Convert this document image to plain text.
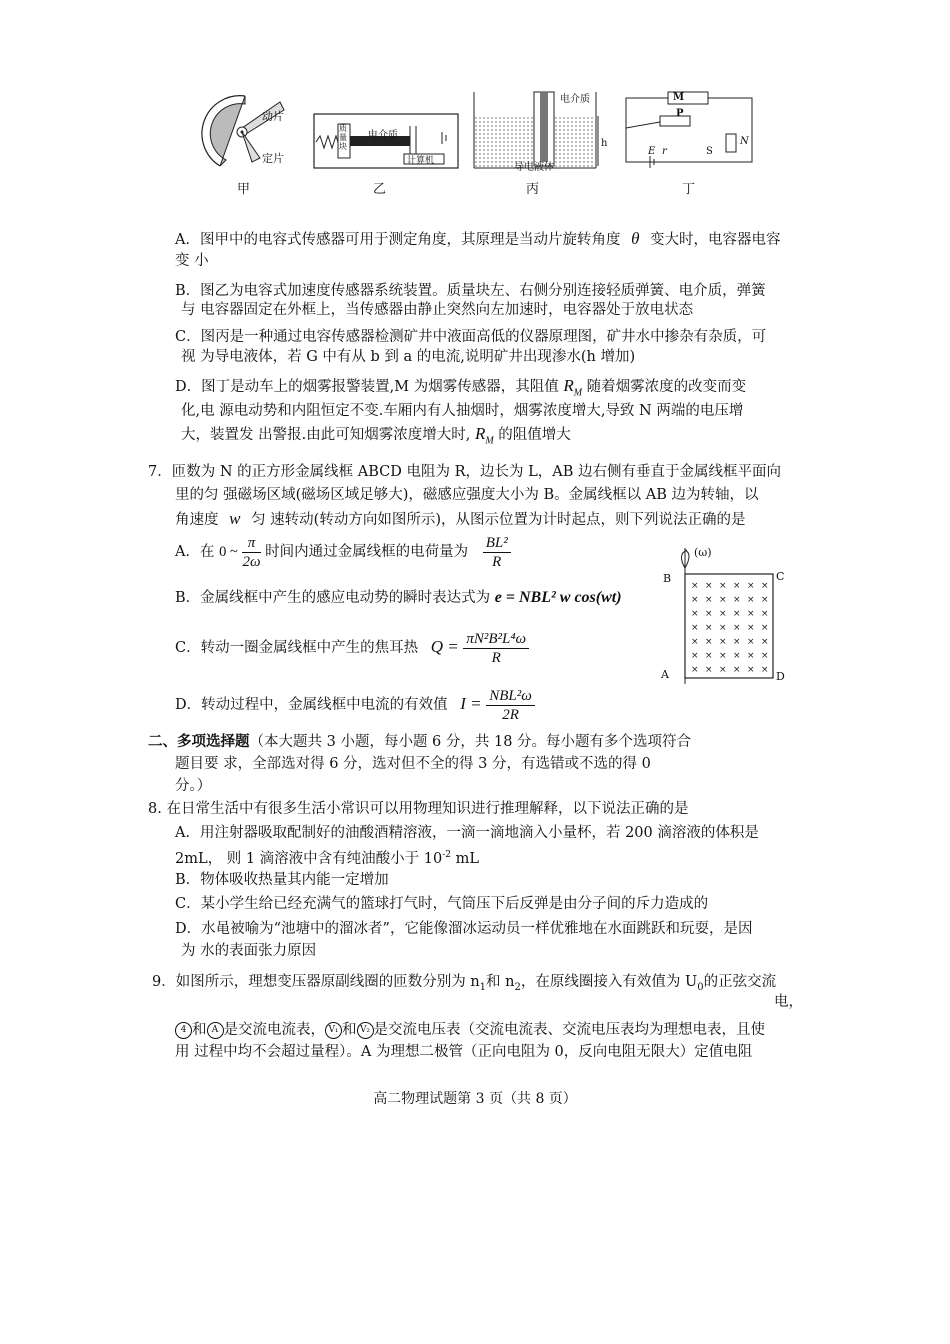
动片
定片
甲
质量块
电介质
计算机
乙
电介质
导电液体
h
丙
M
P
N
E r	S
丁
A．图甲中的电容式传感器可用于测定角度，其原理是当动片旋转角度 θ 变大时，电容器电容
变 小
B．图乙为电容式加速度传感器系统装置。质量块左、右侧分别连接轻质弹簧、电介质，弹簧
与 电容器固定在外框上，当传感器由静止突然向左加速时，电容器处于放电状态
C．图丙是一种通过电容传感器检测矿井中液面高低的仪器原理图，矿井水中掺杂有杂质，可
视 为导电液体，若 G 中有从 b 到 a 的电流,说明矿井出现渗水(h 增加)
D．图丁是动车上的烟雾报警装置,M 为烟雾传感器，其阻值 $R_M$ 随着烟雾浓度的改变而变
化,电 源电动势和内阻恒定不变.车厢内有人抽烟时，烟雾浓度增大,导致 N 两端的电压增
大，装置发 出警报.由此可知烟雾浓度增大时, $R_M$ 的阻值增大
7．匝数为 N 的正方形金属线框 ABCD 电阻为 R，边长为 L，AB 边右侧有垂直于金属线框平面向
里的匀 强磁场区域(磁场区域足够大)，磁感应强度大小为 B。金属线框以 AB 边为转轴，以
角速度 w 匀 速转动(转动方向如图所示)，从图示位置为计时起点，则下列说法正确的是
A．在 0 ~ $\frac{\pi}{2\omega}$ 时间内通过金属线框的电荷量为 $\frac{\text{BL²}}{R}$
B．金属线框中产生的感应电动势的瞬时表达式为 e = NBL² w cos(wt)
C．转动一圈金属线框中产生的焦耳热 $Q = \frac{\text{πN²B²L⁴ω}}{R}$
D．转动过程中，金属线框中电流的有效值 $I = \frac{\text{NBL²ω}}{2R}$
× × × × × ×
× × × × × ×
× × × × × ×
× × × × × ×
× × × × × ×
× × × × × ×
× × × × × ×
(ω)
B	C
A	D
二、多项选择题（本大题共 3 小题，每小题 6 分，共 18 分。每小题有多个选项符合
题目要 求，全部选对得 6 分，选对但不全的得 3 分，有选错或不选的得 0
分。）
8. 在日常生活中有很多生活小常识可以用物理知识进行推理解释，以下说法正确的是
A．用注射器吸取配制好的油酸酒精溶液，一滴一滴地滴入小量杯，若 200 滴溶液的体积是
2mL， 则 1 滴溶液中含有纯油酸小于 $10^{-2}$ mL
B．物体吸收热量其内能一定增加
C．某小学生给已经充满气的篮球打气时，气筒压下后反弹是由分子间的斥力造成的
D．水黾被喻为“池塘中的溜冰者”，它能像溜冰运动员一样优雅地在水面跳跃和玩耍，是因
为 水的表面张力原因
9．如图所示，理想变压器原副线圈的匝数分别为 $n_1$和 $n_2$，在原线圈接入有效值为 $U_0$的正弦交流
电，
4 和 A 是交流电流表， V₁ 和 V₂ 是交流电压表（交流电流表、交流电压表均为理想电表，且使
用 过程中均不会超过量程）。A 为理想二极管（正向电阻为 0，反向电阻无限大）定值电阻
高二物理试题第 3 页（共 8 页）
